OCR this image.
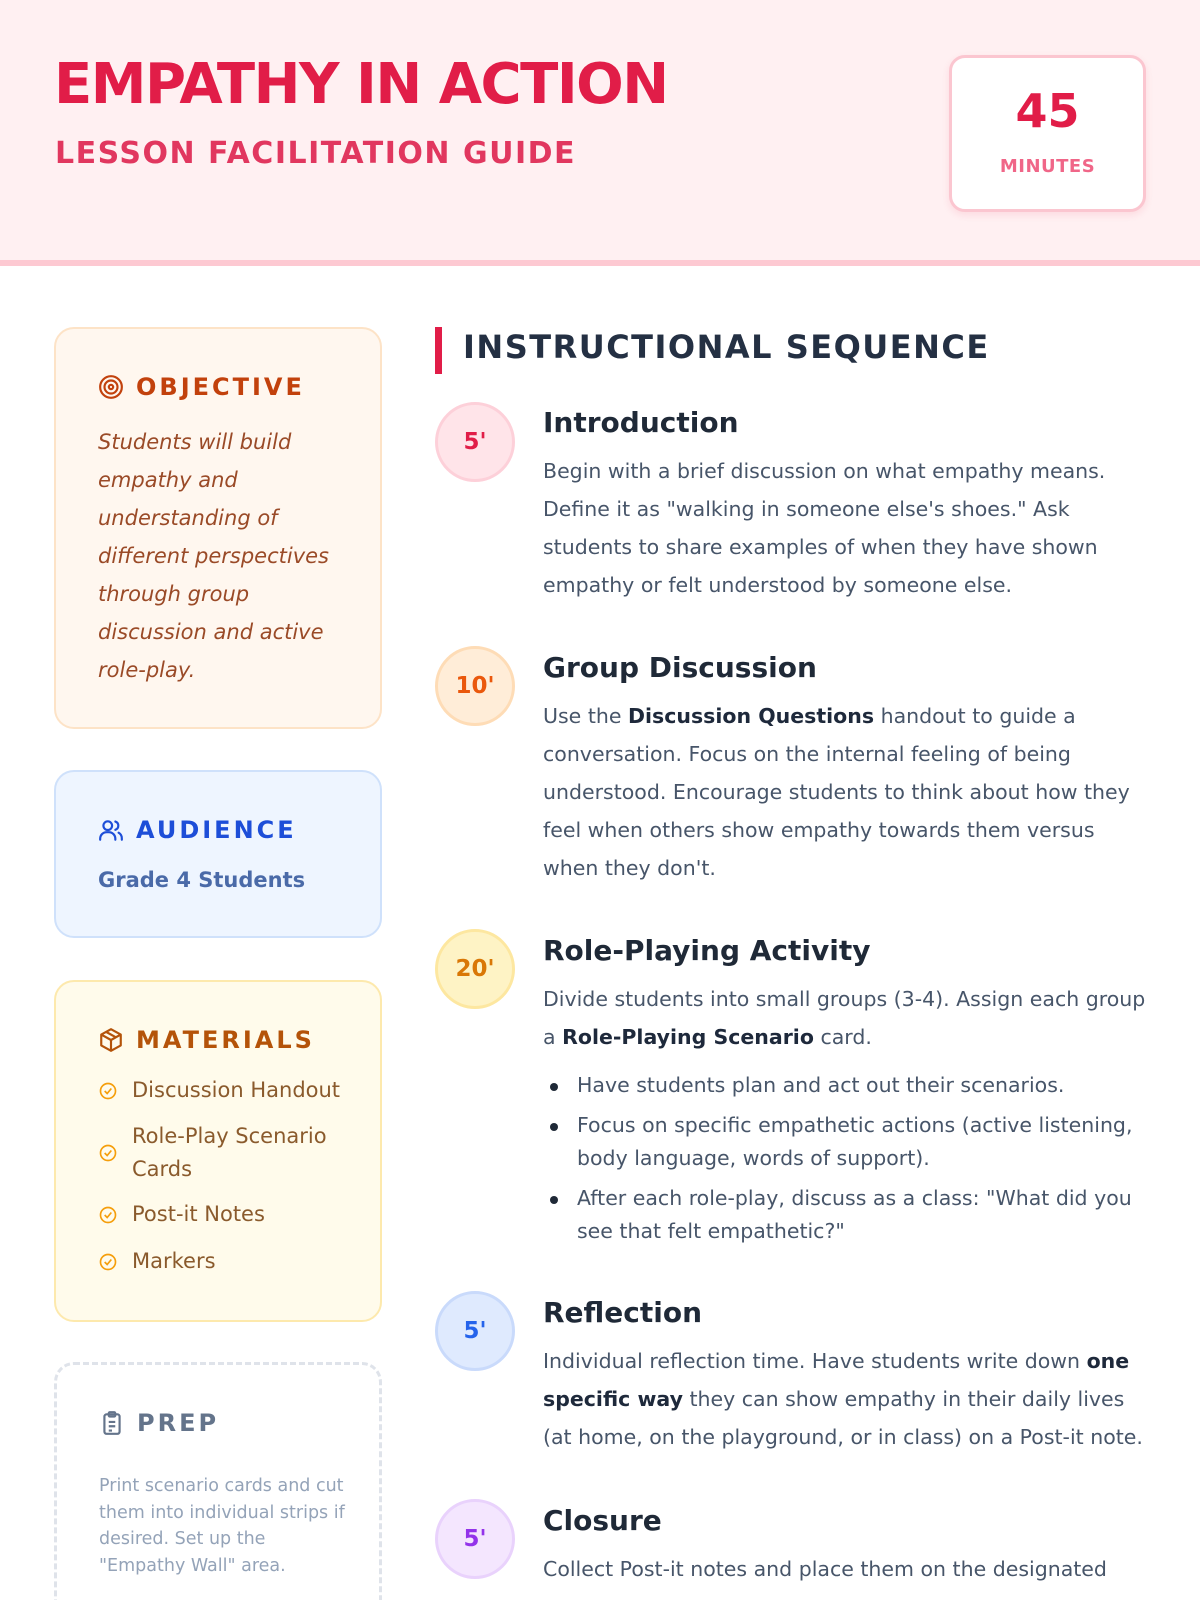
EMPATHY IN ACTION
LESSON FACILITATION GUIDE
45
MINUTES
OBJECTIVE
Students will build empathy and understanding of different perspectives through group discussion and active role-play.
AUDIENCE
Grade 4 Students
MATERIALS
Discussion Handout
Role-Play Scenario Cards
Post-it Notes
Markers
PREP
Print scenario cards and cut them into individual strips if desired. Set up the "Empathy Wall" area.
INSTRUCTIONAL SEQUENCE
5'
Introduction
Begin with a brief discussion on what empathy means. Define it as "walking in someone else's shoes." Ask students to share examples of when they have shown empathy or felt understood by someone else.
10'
Group Discussion
Use the Discussion Questions handout to guide a conversation. Focus on the internal feeling of being understood. Encourage students to think about how they feel when others show empathy towards them versus when they don't.
20'
Role-Playing Activity
Divide students into small groups (3-4). Assign each group a Role-Playing Scenario card.
Have students plan and act out their scenarios.
Focus on specific empathetic actions (active listening, body language, words of support).
After each role-play, discuss as a class: "What did you see that felt empathetic?"
5'
Reflection
Individual reflection time. Have students write down one specific way they can show empathy in their daily lives (at home, on the playground, or in class) on a Post-it note.
5'
Closure
Collect Post-it notes and place them on the designated
